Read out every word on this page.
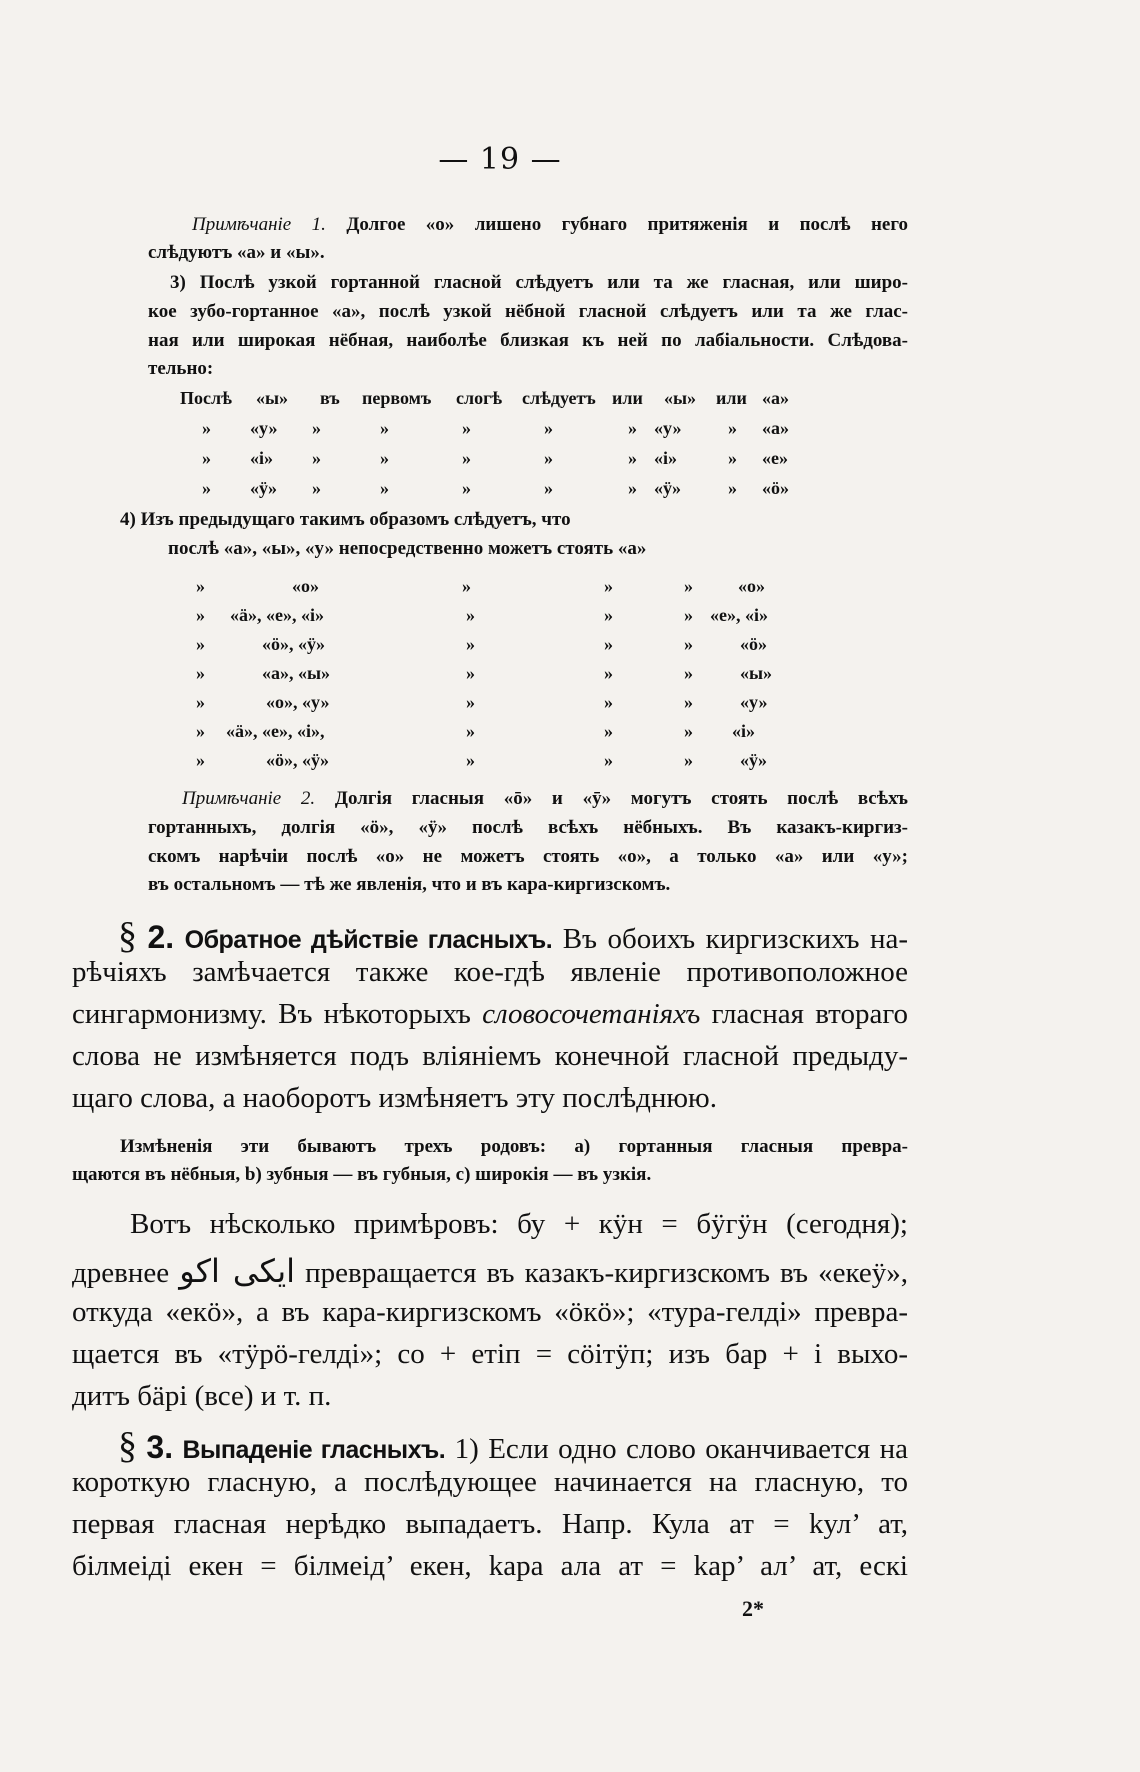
— 19 —
Примѣчаніе 1. Долгое «о» лишено губнаго притяженія и послѣ него
слѣдуютъ «а» и «ы».
3) Послѣ узкой гортанной гласной слѣдуетъ или та же гласная, или широ-
кое зубо-гортанное «а», послѣ узкой нёбной гласной слѣдуетъ или та же глас-
ная или широкая нёбная, наиболѣе близкая къ ней по лабіальности. Слѣдова-
тельно:
Послѣ «ы» въ первомъ слогѣ слѣдуетъ или «ы» или «а»
» «у» »	»	»	»	» «у»	» «а»
» «і» »	»	»	»	» «і»	» «е»
» «ӱ» »	»	»	»	» «ӱ»	» «ӧ»
4) Изъ предыдущаго такимъ образомъ слѣдуетъ, что
послѣ «а», «ы», «у» непосредственно можетъ стоять «а»
»	«о»	»	»	»	«о»
» «ӓ», «е», «і»	»	»	» «е», «і»
»	«ӧ», «ӱ»	»	»	»	«ӧ»
»	«а», «ы»	»	»	»	«ы»
»	«о», «у»	»	»	»	«у»
» «ӓ», «е», «і»,	»	»	» «і»
»	«ӧ», «ӱ»	»	»	»	«ӱ»
Примѣчаніе 2. Долгія гласныя «ō» и «ӯ» могутъ стоять послѣ всѣхъ
гортанныхъ, долгія «ӧ», «ӱ» послѣ всѣхъ нёбныхъ. Въ казакъ-киргиз-
скомъ нарѣчіи послѣ «о» не можетъ стоять «о», а только «а» или «у»;
въ остальномъ — тѣ же явленія, что и въ кара-киргизскомъ.
§ 2. Обратное дѣйствіе гласныхъ. Въ обоихъ киргизскихъ на-
рѣчіяхъ замѣчается также кое-гдѣ явленіе противоположное
сингармонизму. Въ нѣкоторыхъ словосочетаніяхъ гласная втораго
слова не измѣняется подъ вліяніемъ конечной гласной предыду-
щаго слова, а наоборотъ измѣняетъ эту послѣднюю.
Измѣненія эти бываютъ трехъ родовъ: а) гортанныя гласныя превра-
щаются въ нёбныя, b) зубныя — въ губныя, с) широкія — въ узкія.
Вотъ нѣсколько примѣровъ: бу + кӱн = бӱгӱн (сегодня);
древнее ایکی اکو превращается въ казакъ-киргизскомъ въ «екеӱ»,
откуда «екӧ», а въ кара-киргизскомъ «ӧкӧ»; «тура-гелді» превра-
щается въ «тӱрӧ-гелді»; со + етіп = сӧітӱп; изъ бар + і выхо-
дитъ бӓрі (все) и т. п.
§ 3. Выпаденіе гласныхъ. 1) Если одно слово оканчивается на
короткую гласную, а послѣдующее начинается на гласную, то
первая гласная нерѣдко выпадаетъ. Напр. Кула ат = kул’ ат,
білмеіді екен = білмеід’ екен, kара ала ат = kар’ ал’ ат, ескі
2*
